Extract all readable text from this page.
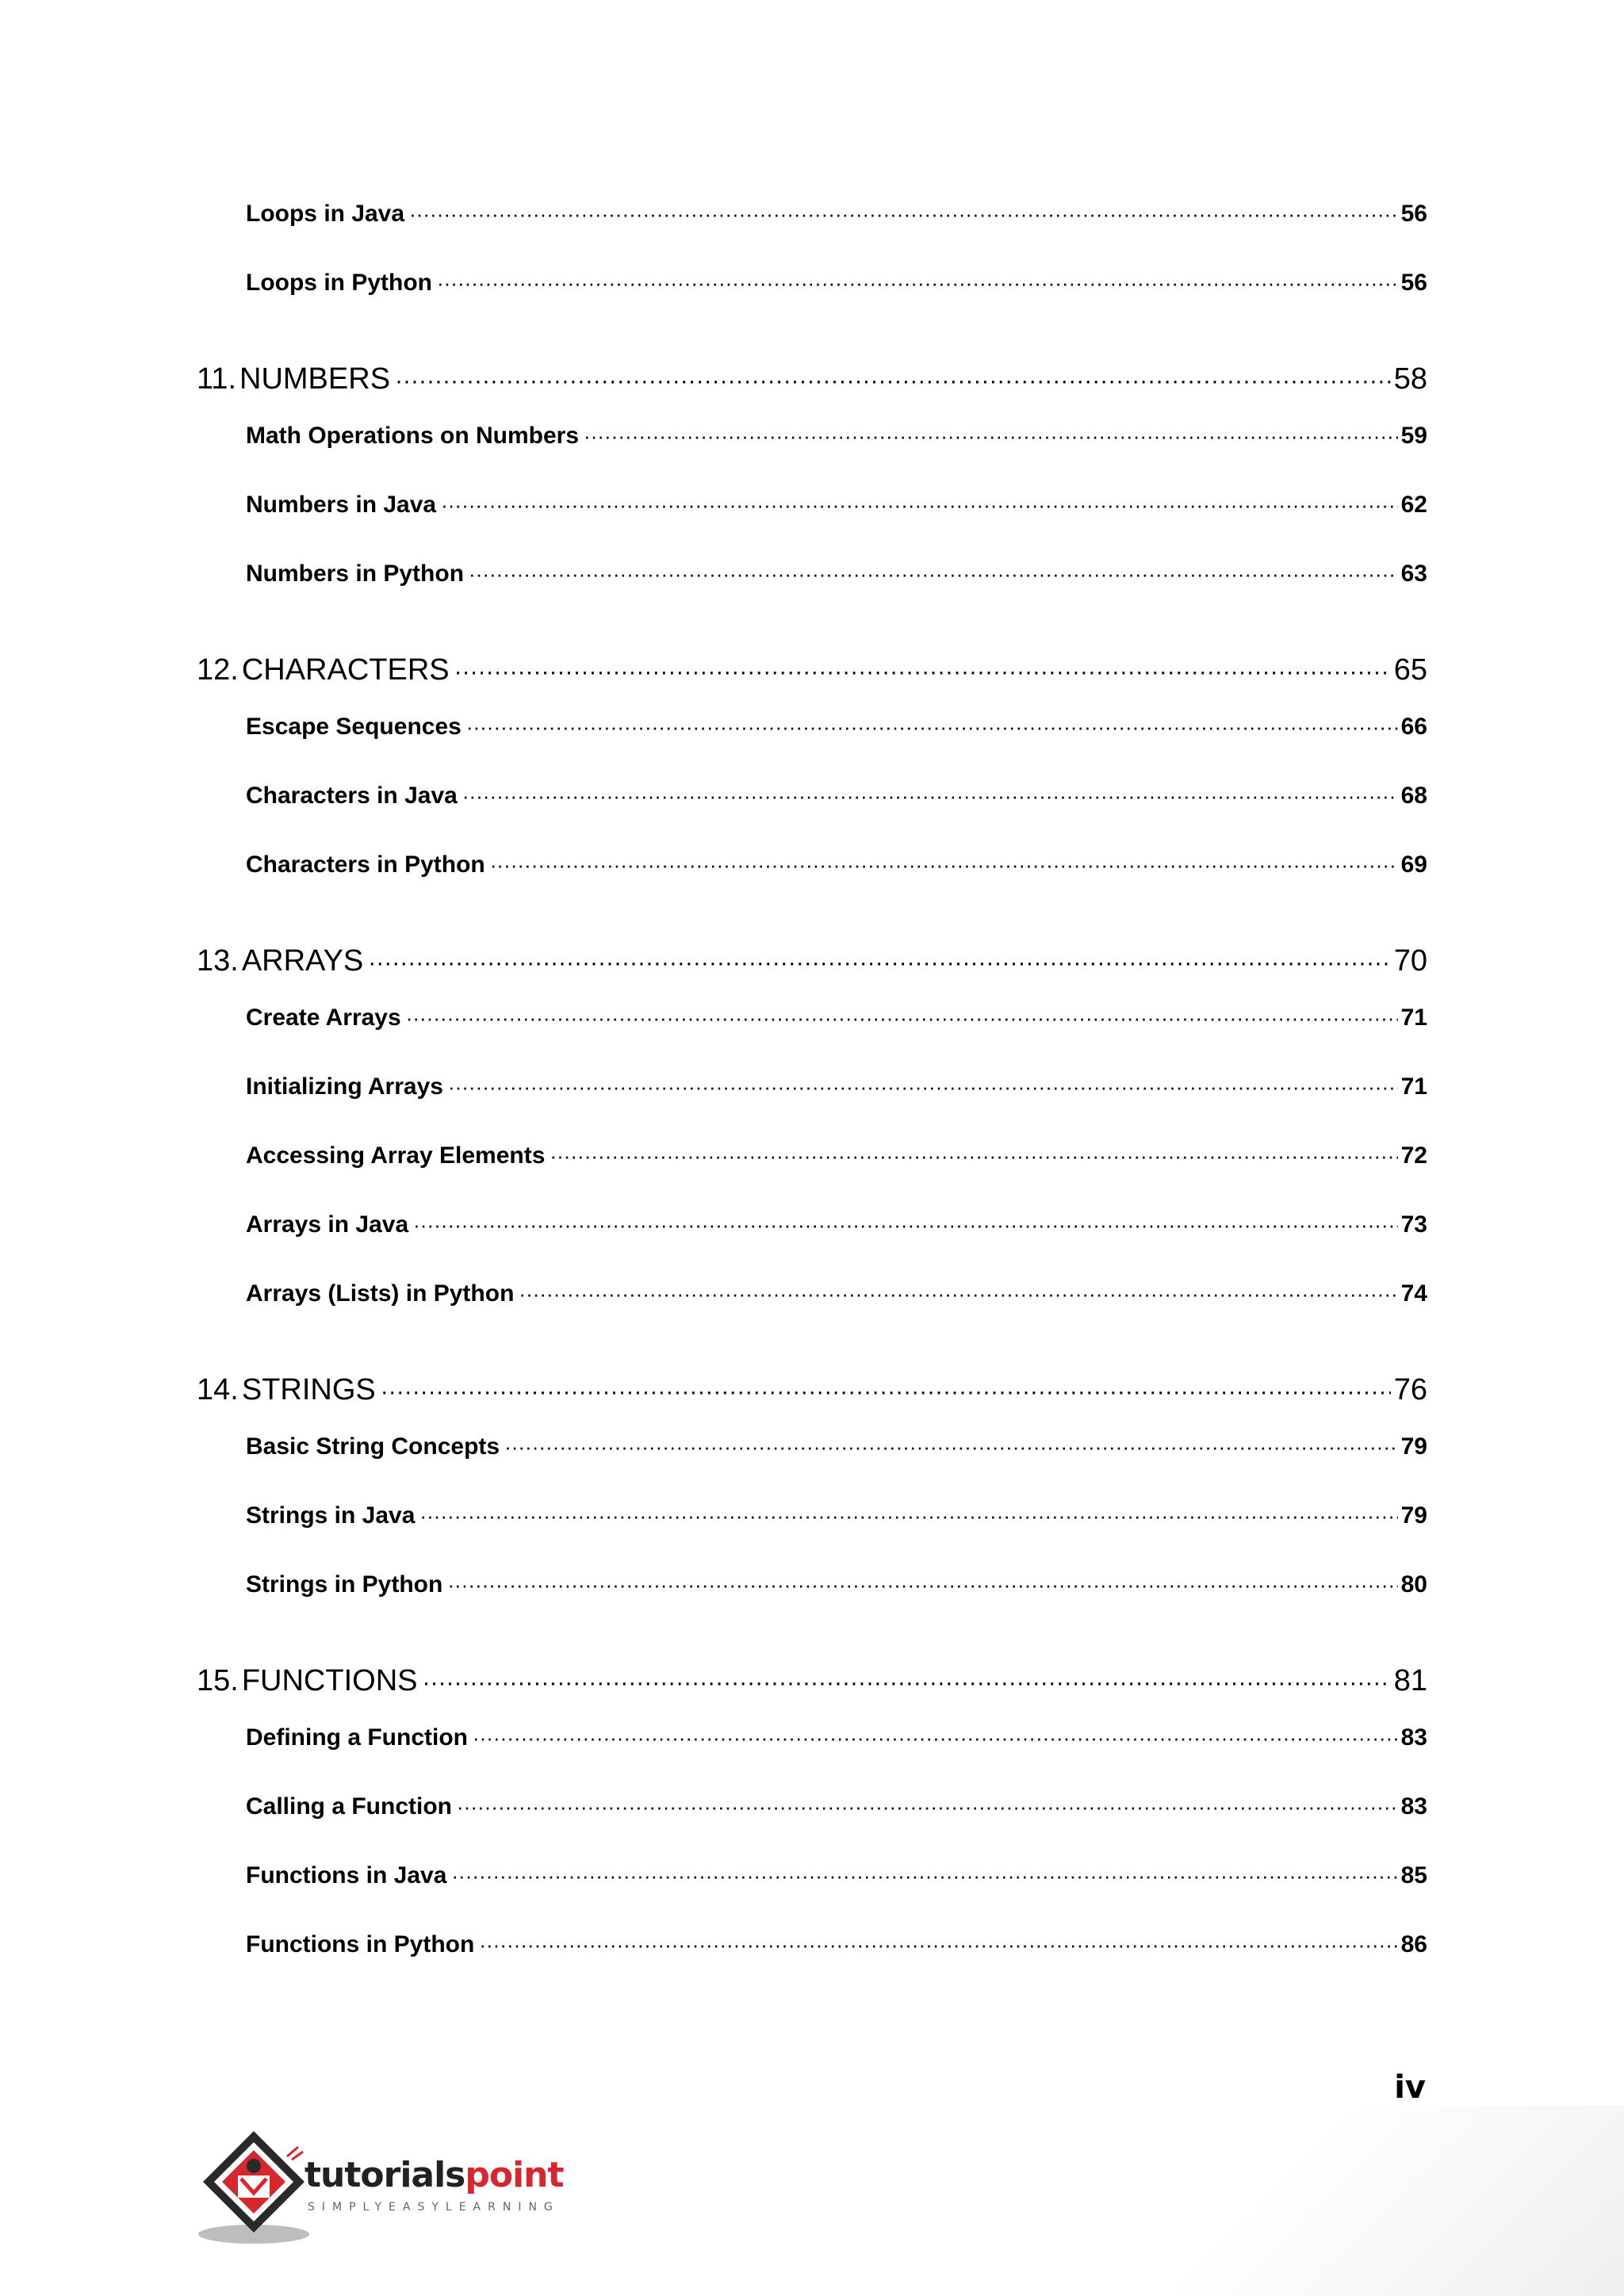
Loops in Java ·····	56
Loops in Python ·····	56
11. NUMBERS ·····	58
Math Operations on Numbers ·····	59
Numbers in Java ·····	62
Numbers in Python ·····	63
12. CHARACTERS ·····	65
Escape Sequences ·····	66
Characters in Java ·····	68
Characters in Python ·····	69
13. ARRAYS ·····	70
Create Arrays ·····	71
Initializing Arrays ·····	71
Accessing Array Elements ·····	72
Arrays in Java ·····	73
Arrays (Lists) in Python ·····	74
14. STRINGS ·····	76
Basic String Concepts ·····	79
Strings in Java ·····	79
Strings in Python ·····	80
15. FUNCTIONS ·····	81
Defining a Function ·····	83
Calling a Function ·····	83
Functions in Java ·····	85
Functions in Python ·····	86
iv
tutorialspoint
SIMPLYEASYLEARNING
